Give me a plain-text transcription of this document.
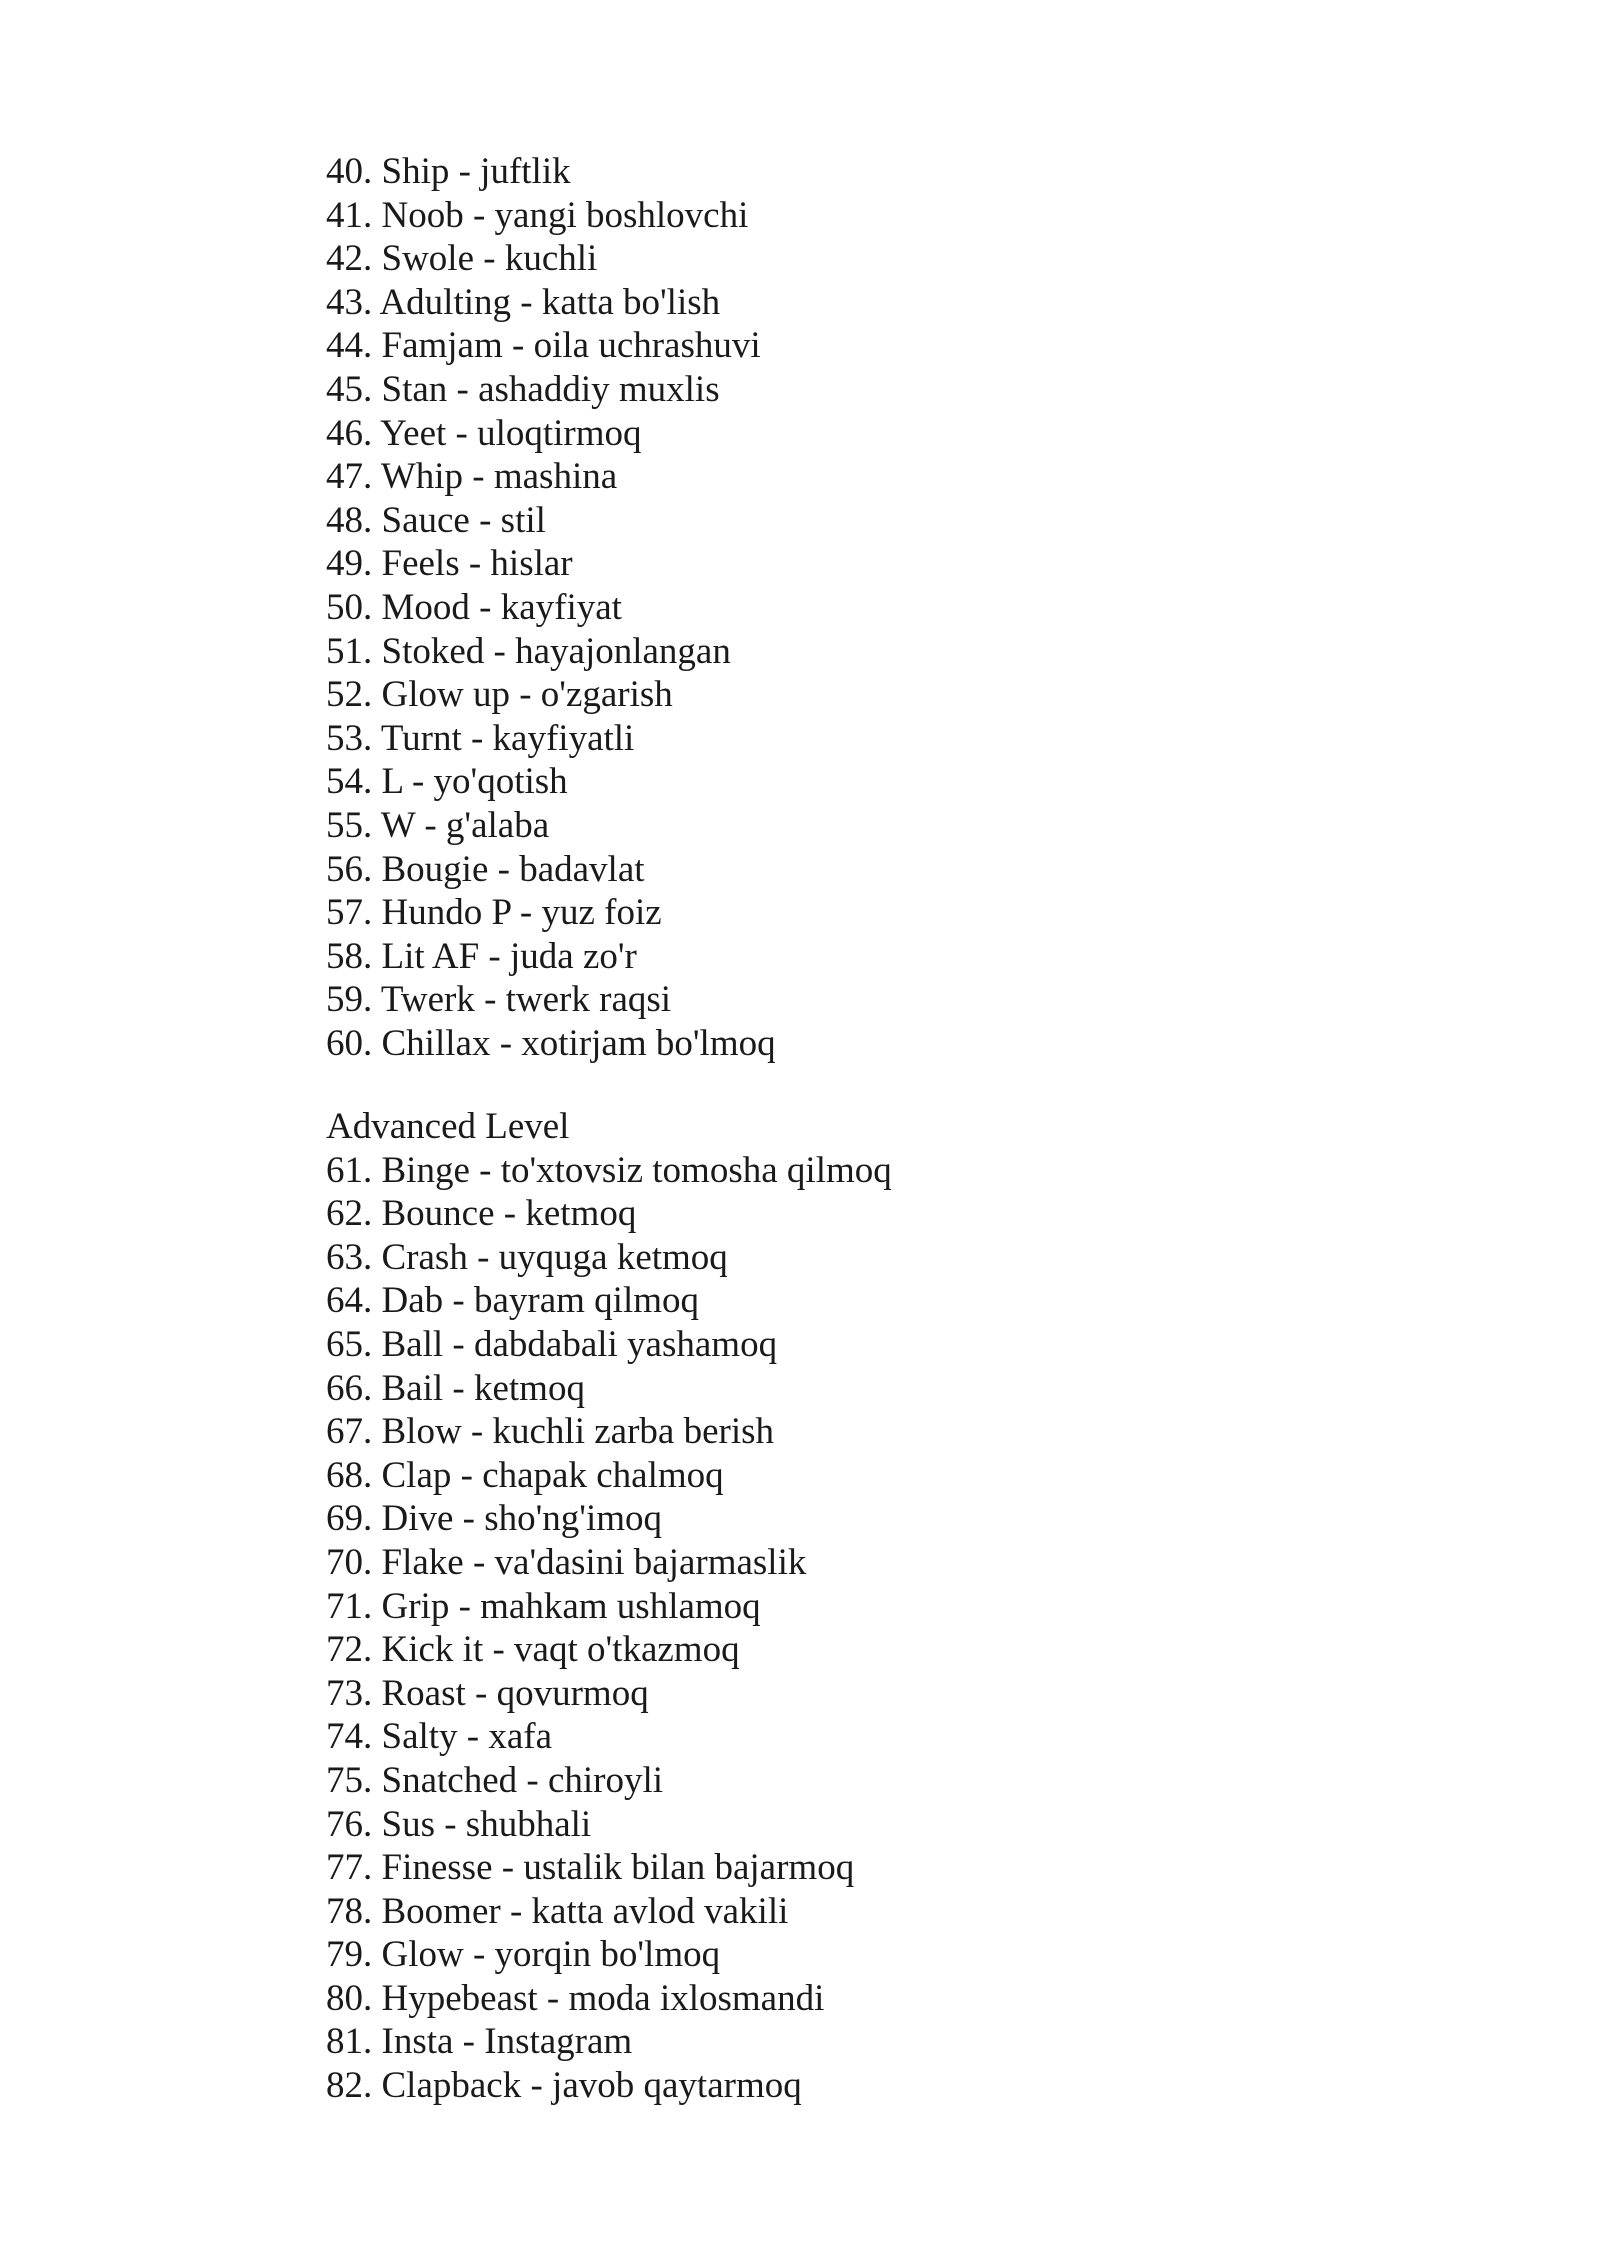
40. Ship - juftlik
41. Noob - yangi boshlovchi
42. Swole - kuchli
43. Adulting - katta bo'lish
44. Famjam - oila uchrashuvi
45. Stan - ashaddiy muxlis
46. Yeet - uloqtirmoq
47. Whip - mashina
48. Sauce - stil
49. Feels - hislar
50. Mood - kayfiyat
51. Stoked - hayajonlangan
52. Glow up - o'zgarish
53. Turnt - kayfiyatli
54. L - yo'qotish
55. W - g'alaba
56. Bougie - badavlat
57. Hundo P - yuz foiz
58. Lit AF - juda zo'r
59. Twerk - twerk raqsi
60. Chillax - xotirjam bo'lmoq
Advanced Level
61. Binge - to'xtovsiz tomosha qilmoq
62. Bounce - ketmoq
63. Crash - uyquga ketmoq
64. Dab - bayram qilmoq
65. Ball - dabdabali yashamoq
66. Bail - ketmoq
67. Blow - kuchli zarba berish
68. Clap - chapak chalmoq
69. Dive - sho'ng'imoq
70. Flake - va'dasini bajarmaslik
71. Grip - mahkam ushlamoq
72. Kick it - vaqt o'tkazmoq
73. Roast - qovurmoq
74. Salty - xafa
75. Snatched - chiroyli
76. Sus - shubhali
77. Finesse - ustalik bilan bajarmoq
78. Boomer - katta avlod vakili
79. Glow - yorqin bo'lmoq
80. Hypebeast - moda ixlosmandi
81. Insta - Instagram
82. Clapback - javob qaytarmoq
